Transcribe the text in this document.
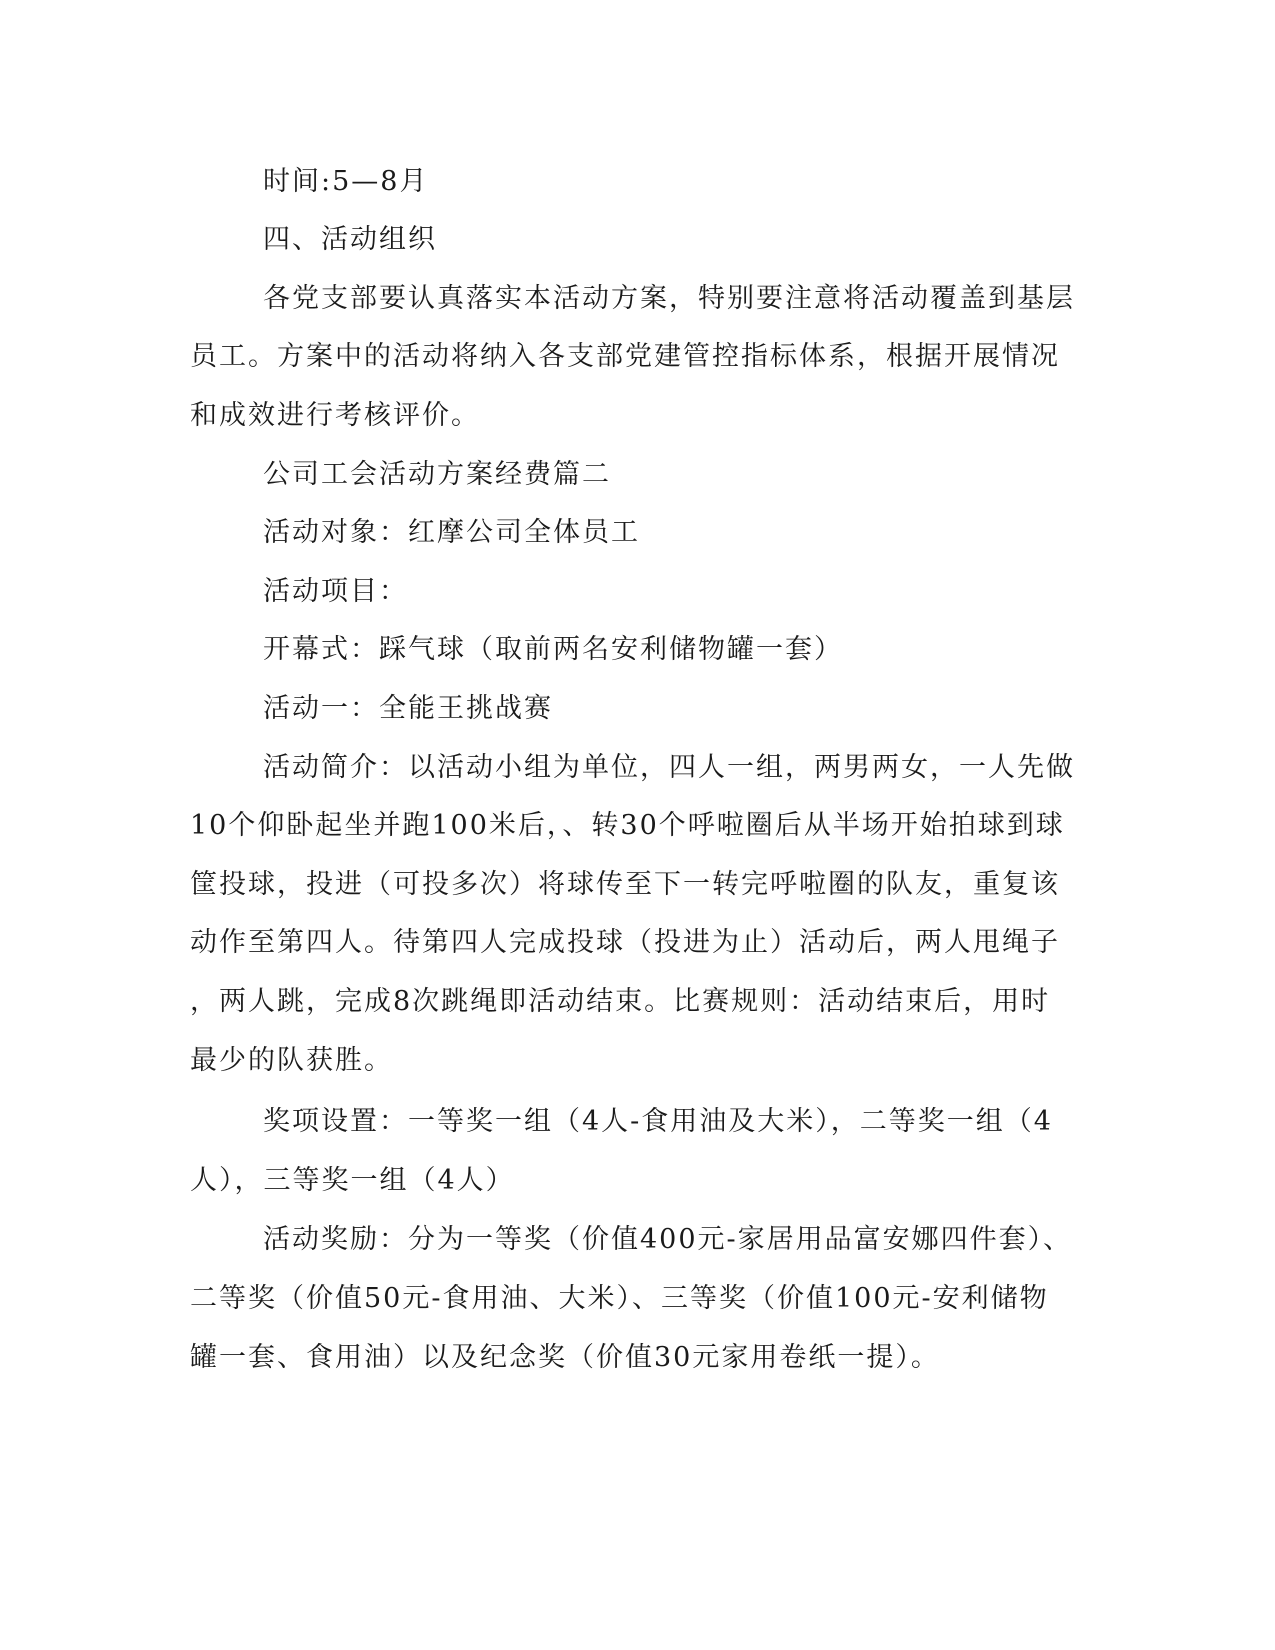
时间:5—8月

四、活动组织

各党支部要认真落实本活动方案，特别要注意将活动覆盖到基层

员工。方案中的活动将纳入各支部党建管控指标体系，根据开展情况

和成效进行考核评价。

公司工会活动方案经费篇二

活动对象：红摩公司全体员工

活动项目：

开幕式：踩气球（取前两名安利储物罐一套）

活动一：全能王挑战赛

活动简介：以活动小组为单位，四人一组，两男两女，一人先做

10个仰卧起坐并跑100米后，、转30个呼啦圈后从半场开始拍球到球

筐投球，投进（可投多次）将球传至下一转完呼啦圈的队友，重复该

动作至第四人。待第四人完成投球（投进为止）活动后，两人甩绳子

，两人跳，完成8次跳绳即活动结束。比赛规则：活动结束后，用时

最少的队获胜。

奖项设置：一等奖一组（4人-食用油及大米），二等奖一组（4

人），三等奖一组（4人）

活动奖励：分为一等奖（价值400元-家居用品富安娜四件套）、

二等奖（价值50元-食用油、大米）、三等奖（价值100元-安利储物

罐一套、食用油）以及纪念奖（价值30元家用卷纸一提）。
